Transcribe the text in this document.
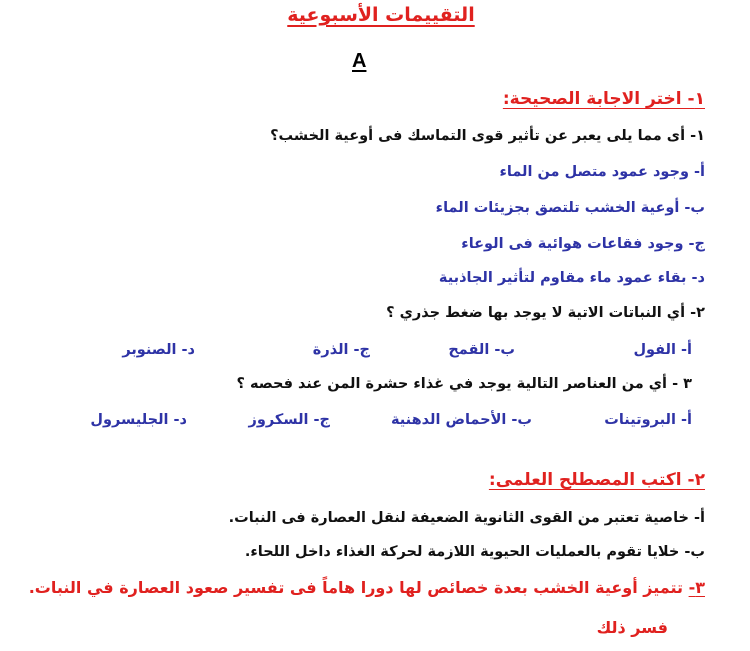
التقييمات الأسبوعية
A
١- اختر الاجابة الصحيحة:
١- أى مما يلى يعبر عن تأثير قوى التماسك فى أوعية الخشب؟
أ- وجود عمود متصل من الماء
ب- أوعية الخشب تلتصق بجزيئات الماء
ج- وجود فقاعات هوائية فى الوعاء
د- بقاء عمود ماء مقاوم لتأثير الجاذبية
٢- أي النباتات الاتية لا يوجد بها ضغط جذري ؟
أ- الفول
ب- القمح
ج- الذرة
د- الصنوبر
٣ - أي من العناصر التالية يوجد في غذاء حشرة المن عند فحصه ؟
أ- البروتينات
ب- الأحماض الدهنية
ج- السكروز
د- الجليسرول
٢- اكتب المصطلح العلمى:
أ- خاصية تعتبر من القوى الثانوية الضعيفة لنقل العصارة فى النبات.
ب- خلايا تقوم بالعمليات الحيوية اللازمة لحركة الغذاء داخل اللحاء.
٣- تتميز أوعية الخشب بعدة خصائص لها دورا هاماً فى تفسير صعود العصارة في النبات.
فسر ذلك
